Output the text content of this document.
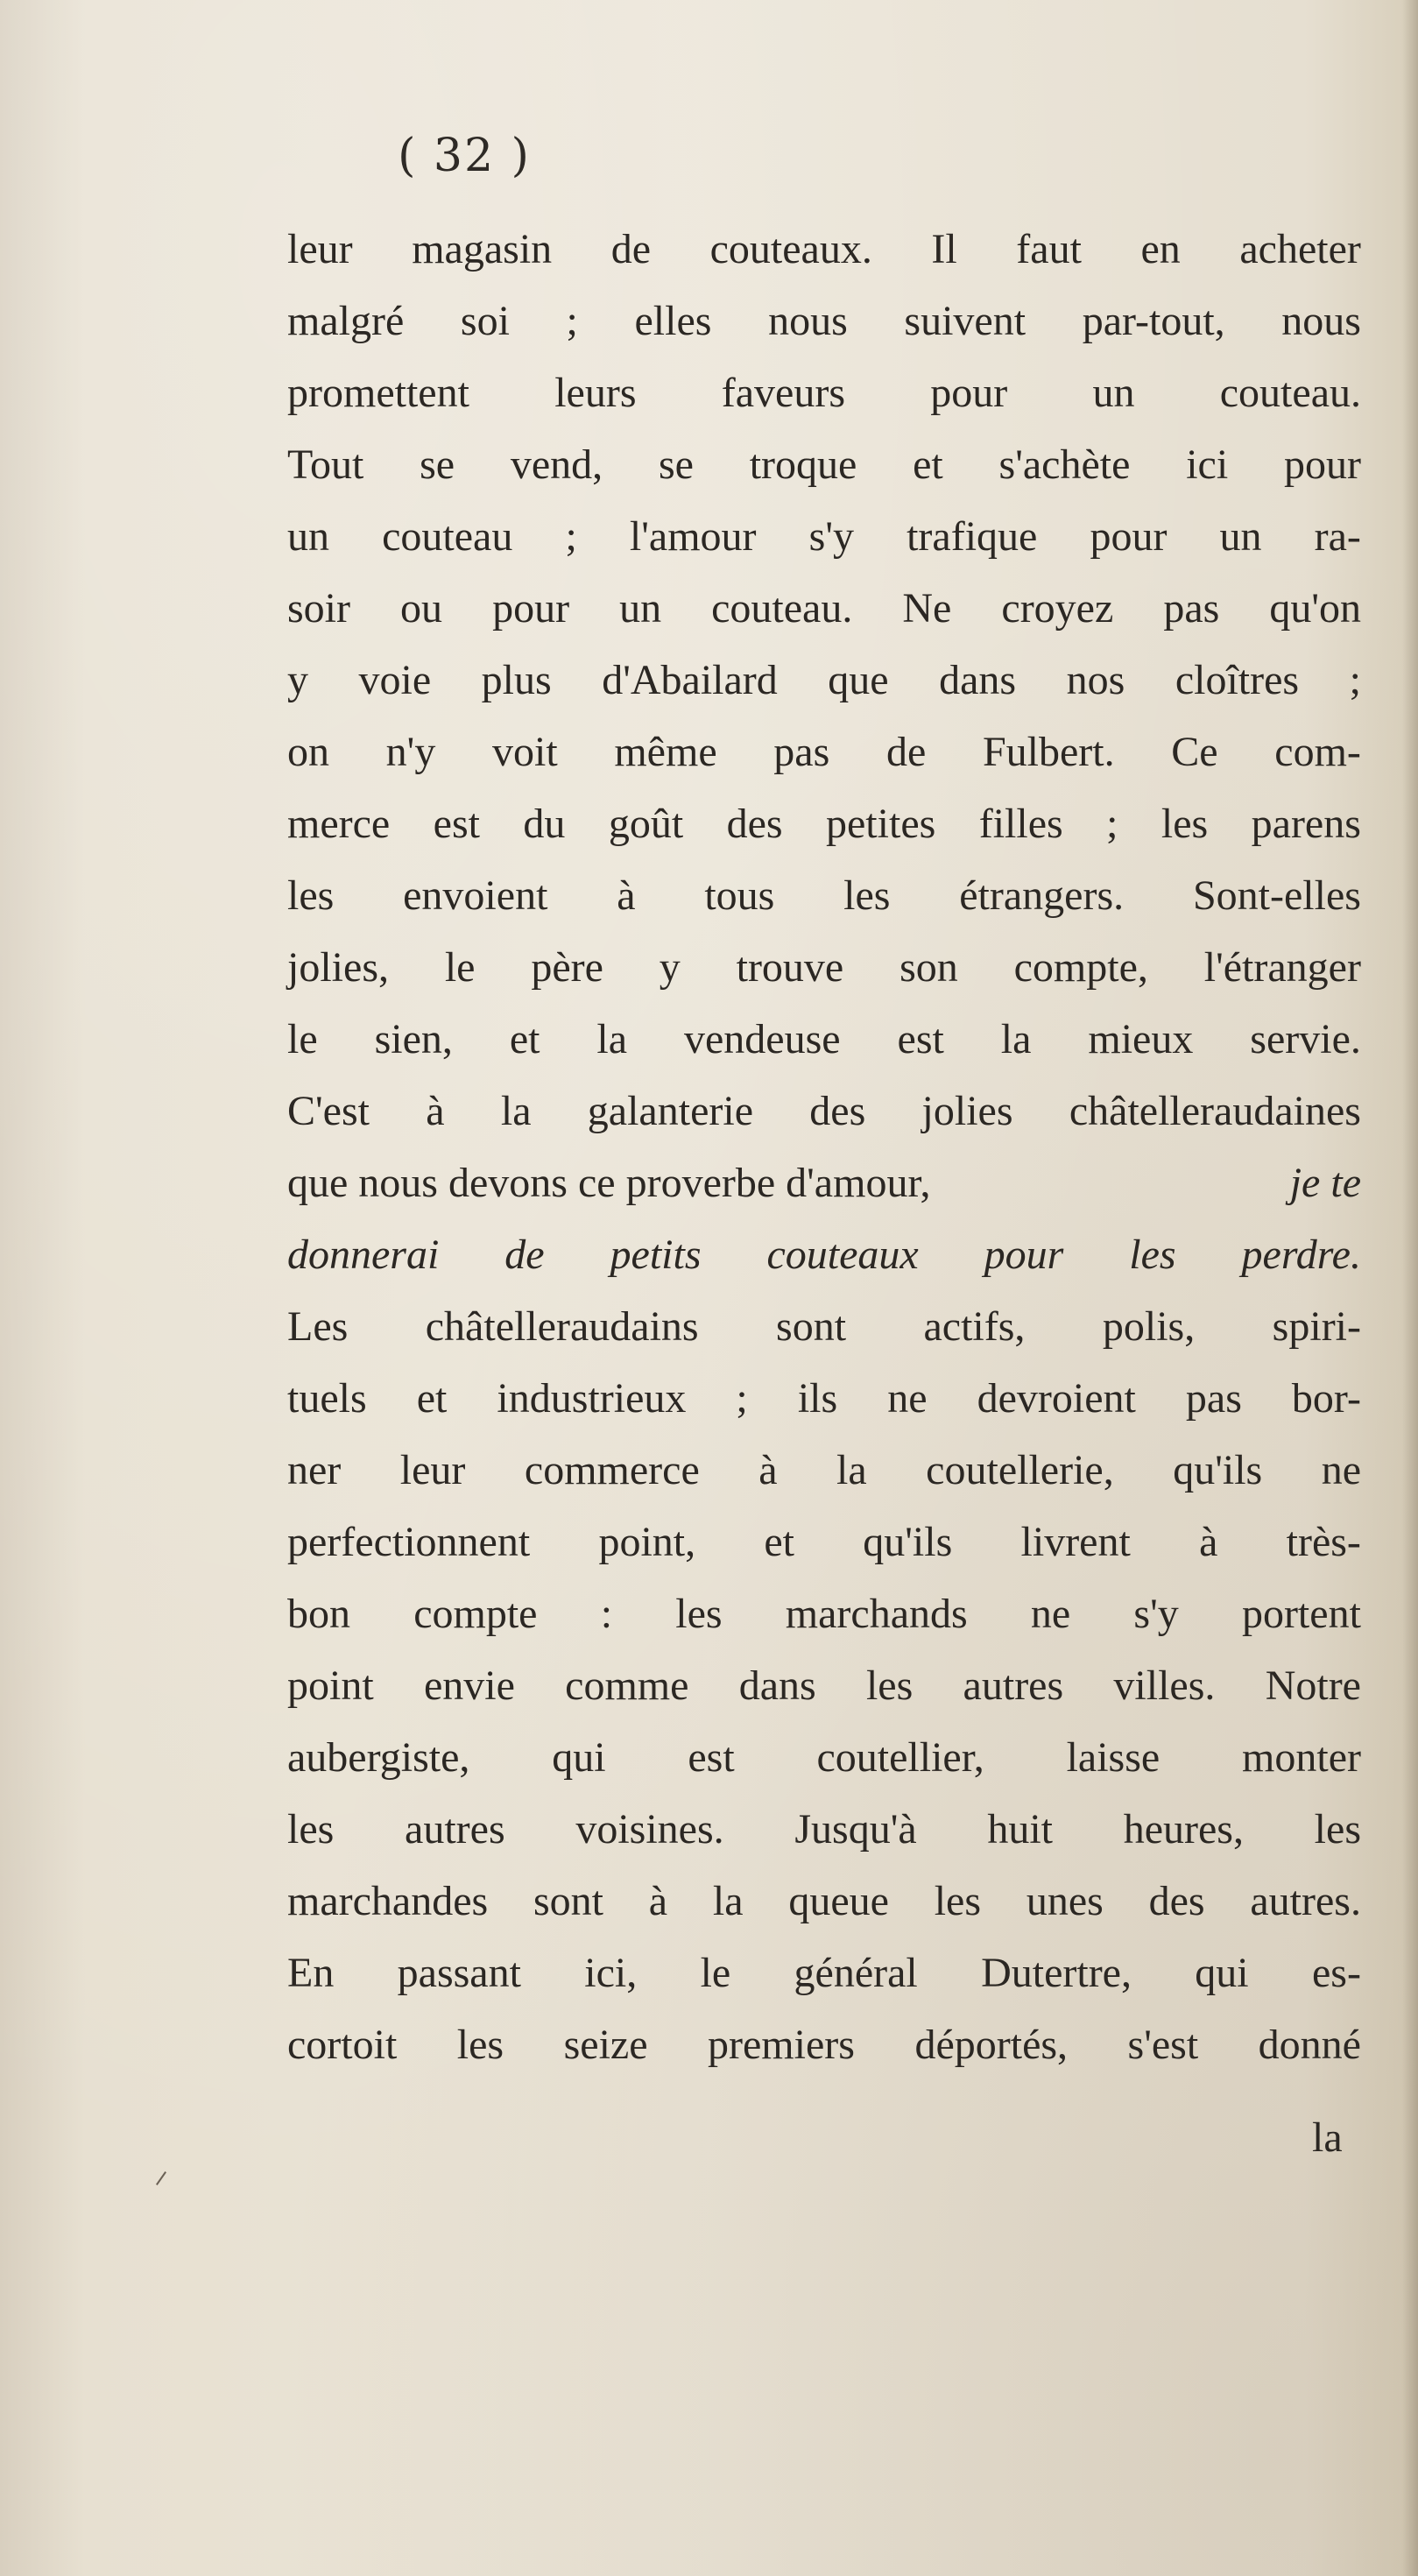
( 32 )
leur magasin de couteaux. Il faut en acheter
malgré soi ; elles nous suivent par-tout, nous
promettent leurs faveurs pour un couteau.
Tout se vend, se troque et s'achète ici pour
un couteau ; l'amour s'y trafique pour un ra-
soir ou pour un couteau. Ne croyez pas qu'on
y voie plus d'Abailard que dans nos cloîtres ;
on n'y voit même pas de Fulbert. Ce com-
merce est du goût des petites filles ; les parens
les envoient à tous les étrangers. Sont-elles
jolies, le père y trouve son compte, l'étranger
le sien, et la vendeuse est la mieux servie.
C'est à la galanterie des jolies châtelleraudaines
que nous devons ce proverbe d'amour,	je te
donnerai de petits couteaux pour les perdre.
Les châtelleraudains sont actifs, polis, spiri-
tuels et industrieux ; ils ne devroient pas bor-
ner leur commerce à la coutellerie, qu'ils ne
perfectionnent point, et qu'ils livrent à très-
bon compte : les marchands ne s'y portent
point envie comme dans les autres villes. Notre
aubergiste, qui est coutellier, laisse monter
les autres voisines. Jusqu'à huit heures, les
marchandes sont à la queue les unes des autres.
En passant ici, le général Dutertre, qui es-
cortoit les seize premiers déportés, s'est donné
la
